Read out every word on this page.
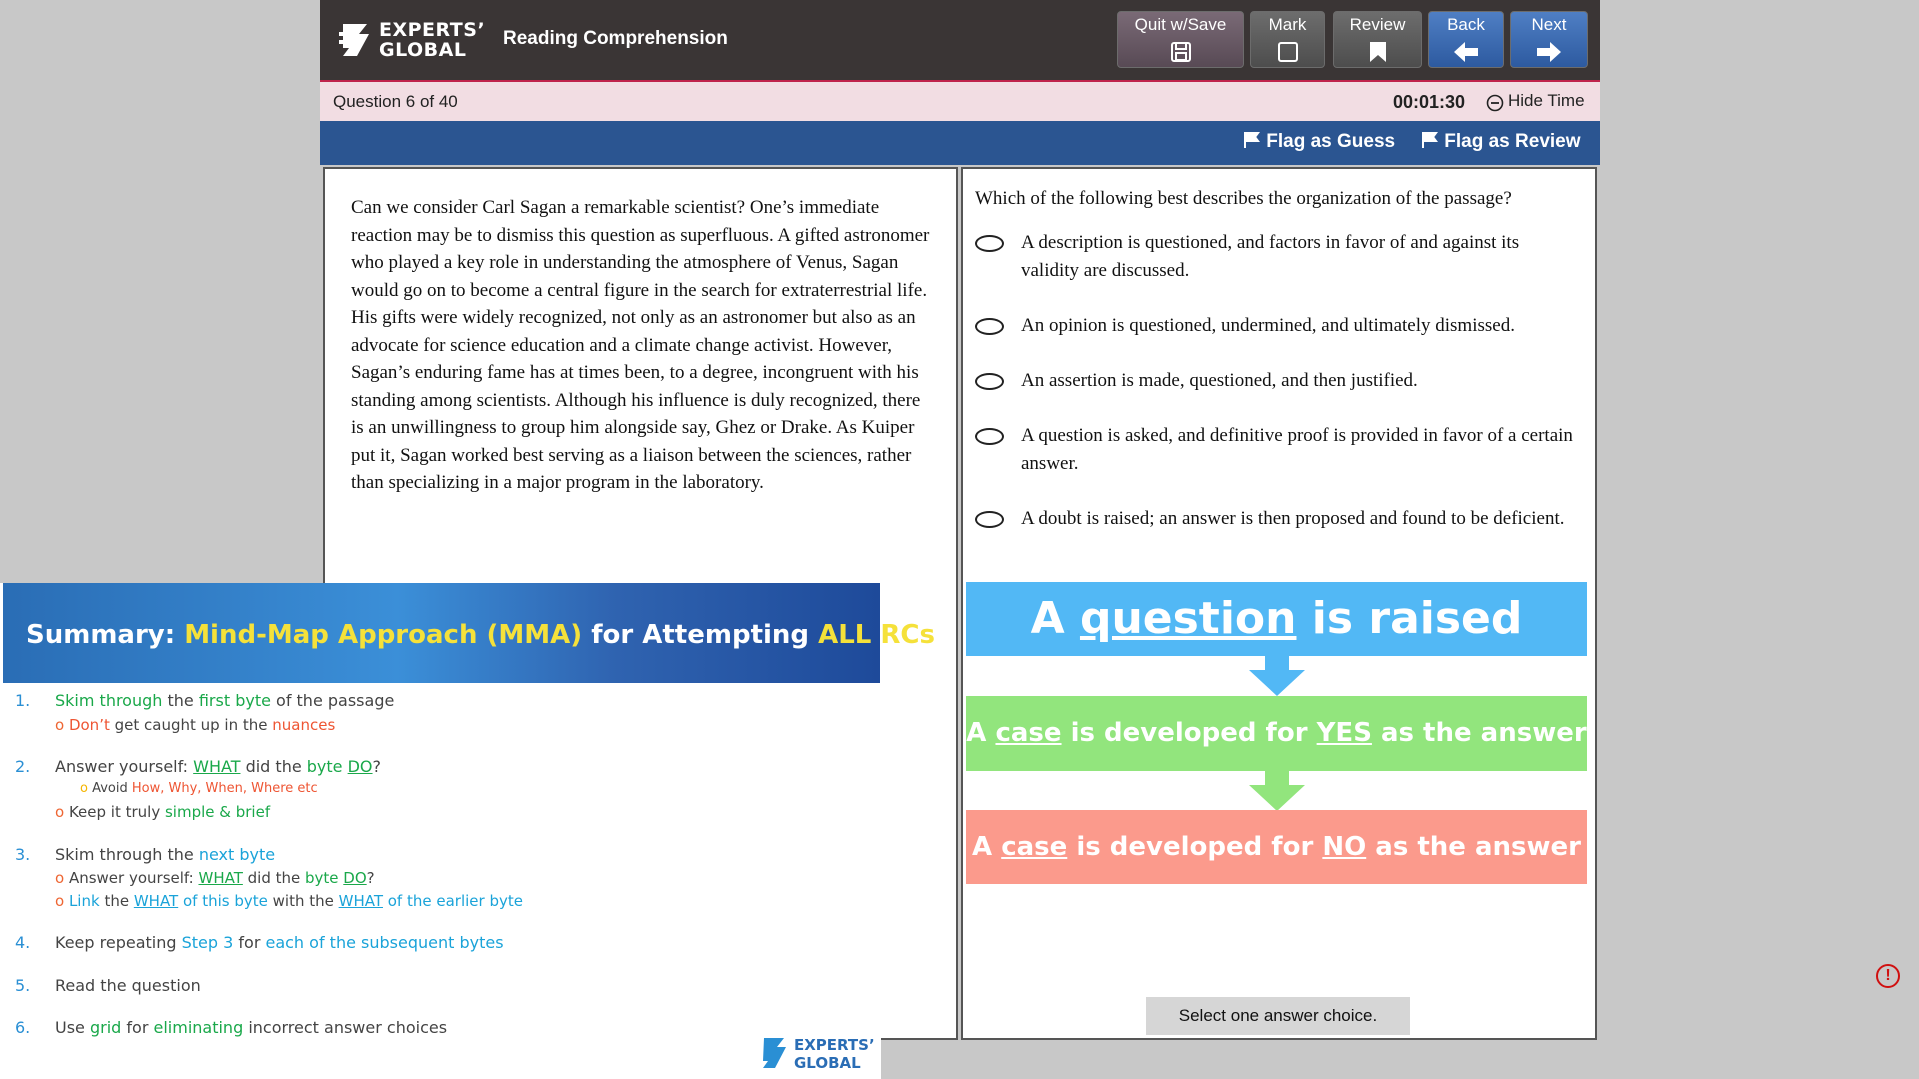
EXPERTS’
GLOBAL
Reading Comprehension
Quit w/Save	Mark	Review	Back	Next
Question 6 of 40	00:01:30	Hide Time
Flag as Guess	Flag as Review
Can we consider Carl Sagan a remarkable scientist? One’s immediate reaction may be to dismiss this question as superfluous. A gifted astronomer who played a key role in understanding the atmosphere of Venus, Sagan would go on to become a central figure in the search for extraterrestrial life. His gifts were widely recognized, not only as an astronomer but also as an advocate for science education and a climate change activist. However, Sagan’s enduring fame has at times been, to a degree, incongruent with his standing among scientists. Although his influence is duly recognized, there is an unwillingness to group him alongside say, Ghez or Drake. As Kuiper put it, Sagan worked best serving as a liaison between the sciences, rather than specializing in a major program in the laboratory.
Which of the following best describes the organization of the passage?
A description is questioned, and factors in favor of and against its validity are discussed.
An opinion is questioned, undermined, and ultimately dismissed.
An assertion is made, questioned, and then justified.
A question is asked, and definitive proof is provided in favor of a certain answer.
A doubt is raised; an answer is then proposed and found to be deficient.
A question is raised
A case is developed for YES as the answer
A case is developed for NO as the answer
Select one answer choice.
Summary: Mind-Map Approach (MMA) for Attempting ALL RCs
1. Skim through the first byte of the passage
o Don’t get caught up in the nuances
2. Answer yourself: WHAT did the byte DO?
o Avoid How, Why, When, Where etc
o Keep it truly simple & brief
3. Skim through the next byte
o Answer yourself: WHAT did the byte DO?
o Link the WHAT of this byte with the WHAT of the earlier byte
4. Keep repeating Step 3 for each of the subsequent bytes
5. Read the question
6. Use grid for eliminating incorrect answer choices
EXPERTS’
GLOBAL
!
